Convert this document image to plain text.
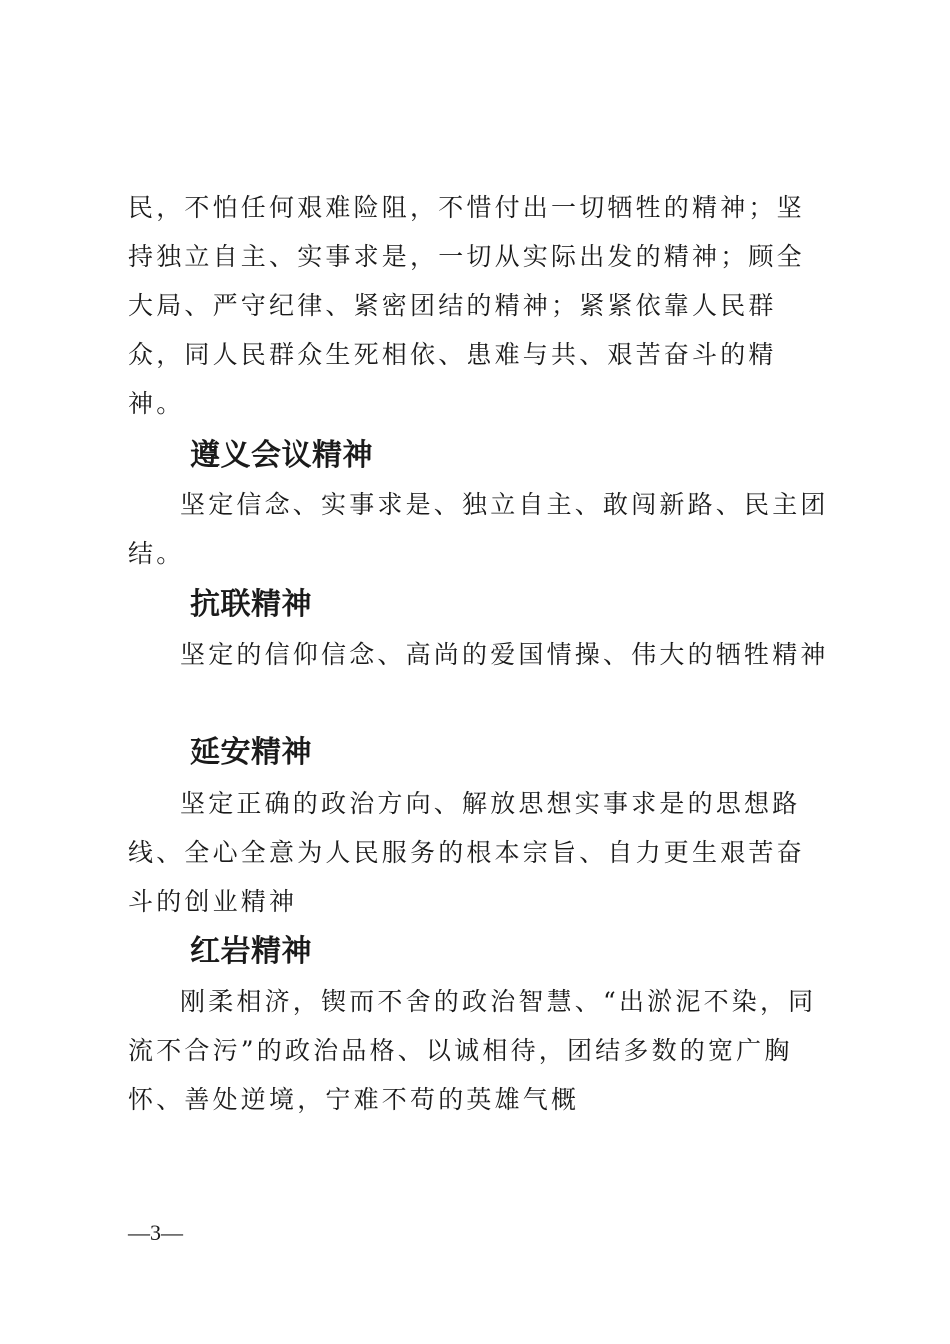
民，不怕任何艰难险阻，不惜付出一切牺牲的精神；坚持独立自主、实事求是，一切从实际出发的精神；顾全大局、严守纪律、紧密团结的精神；紧紧依靠人民群众，同人民群众生死相依、患难与共、艰苦奋斗的精神。

遵义会议精神

坚定信念、实事求是、独立自主、敢闯新路、民主团结。

抗联精神

坚定的信仰信念、高尚的爱国情操、伟大的牺牲精神

延安精神

坚定正确的政治方向、解放思想实事求是的思想路线、全心全意为人民服务的根本宗旨、自力更生艰苦奋斗的创业精神

红岩精神

刚柔相济，锲而不舍的政治智慧、“出淤泥不染，同流不合污”的政治品格、以诚相待，团结多数的宽广胸怀、善处逆境，宁难不苟的英雄气概

—3—
